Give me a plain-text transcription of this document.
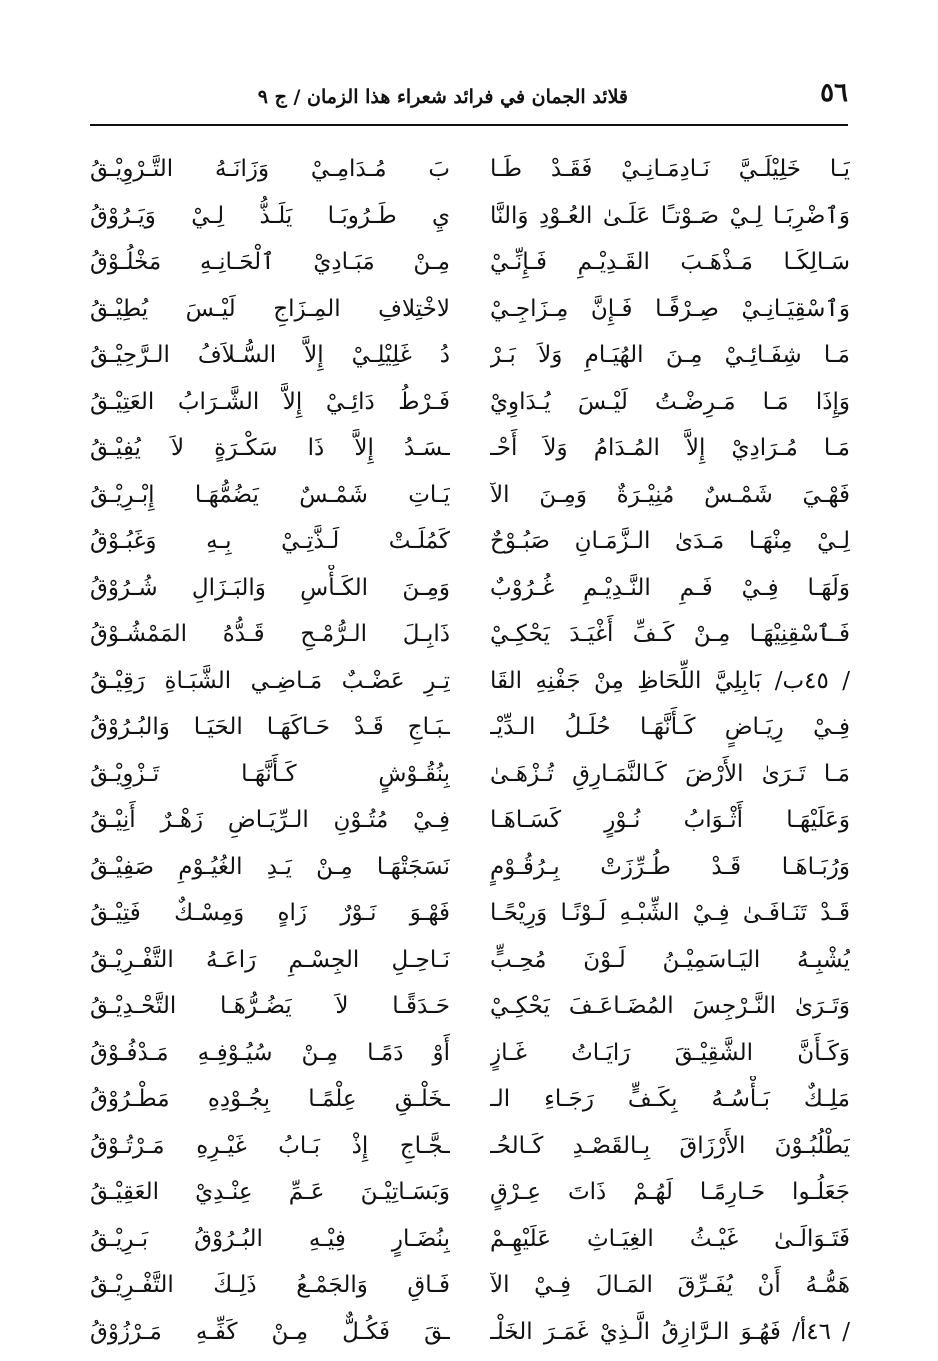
٥٦
قلائد الجمان في فرائد شعراء هذا الزمان / ج ٩
يَـا خَلِيْلَـيَّ نَـادِمَـانِـيْ فَقَـدْ طَـا
بَ مُـدَامِـيْ وَزَانَـهُ التَّـرْوِيْـقُ
وَٱضْرِبَـا لِـيْ صَـوْتـًا عَلَـىٰ العُـوْدِ وَالنَّا
يِ طَـرُوبَـا يَلَـذُّ لِـيْ وَيَـرُوْقُ
سَـالِكَـا مَـذْهَـبَ القَـدِيْـمِ فَـإِنِّـيْ
مِـنْ مَبَـادِيْ ٱلْحَـانِـهِ مَخْلُـوْقُ
وَٱسْقِيَـانِـيْ صِـرْفًـا فَـإِنَّ مِـزَاجِـيْ
لاخْتِلافِ المِـزَاجِ لَيْـسَ يُطِيْـقُ
مَـا شِفَـائِـيْ مِـنَ الهُيَـامِ وَلاَ بَـرْ
دُ غَلِيْلِـيْ إِلاَّ السُّـلاَفُ الـرَّحِيْـقُ
وَإِذَا مَـا مَـرِضْـتُ لَيْـسَ يُـدَاوِيْ
فَـرْطُ دَائِـيْ إِلاَّ الشَّـرَابُ العَتِيْـقُ
مَـا مُـرَادِيْ إِلاَّ المُـدَامُ وَلاَ أَحْـ
ـسَـدُ إِلاَّ ذَا سَكْـرَةٍ لاَ يُفِيْـقُ
فَهْـيَ شَمْـسٌ مُنِيْـرَةٌ وَمِـنَ الآ
يَـاتِ شَمْـسٌ يَضُمُّهَـا إِبْـرِيْـقُ
لِـيْ مِنْهَـا مَـدَىٰ الـزَّمَـانِ صَبُـوْحٌ
كَمُلَـتْ لَـذَّتِـيْ بِـهِ وَغَبُـوْقُ
وَلَهَـا فِـيْ فَـمِ النَّـدِيْـمِ غُـرُوْبٌ
وَمِـنَ الكَـأْسِ وَالبَـزَالِ شُـرُوْقُ
فَـٱسْقِنِيْهَـا مِـنْ كَـفِّ أَغْيَـدَ يَحْكِـيْ
ذَابِـلَ الـرُّمْـحِ قَـدُّهُ المَمْشُـوْقُ
/ ٤٥ب/ بَابِلِيَّ اللِّحَاظِ مِنْ جَفْنِهِ القَا
تِـرِ عَضْـبٌ مَـاضِـي الشَّبَـاةِ رَقِيْـقُ
فِـيْ رِيَـاضٍ كَـأَنَّهَـا حُلَـلُ الـدِّيْـ
ـبَـاجِ قَـدْ حَـاكَهَـا الحَيَـا وَالبُـرُوْقُ
مَـا تَـرَىٰ الأَرْضَ كَـالنَّمَـارِقِ تُـزْهَـىٰ
بِنُقُـوْشٍ كَـأَنَّهَـا تَـزْوِيْـقُ
وَعَلَيْهَـا أَثْـوَابُ نُـوْرٍ كَسَـاهَـا
فِـيْ مُتُـوْنِ الـرِّيَـاضِ زَهْـرٌ أَنِيْـقُ
وَرُبَـاهَـا قَـدْ طُـرِّزَتْ بِـرُقُـوْمٍ
نَسَجَتْهَـا مِـنْ يَـدِ الغُيُـوْمِ صَفِيْـقُ
قَـدْ تَنَـافَـىٰ فِـيْ الشِّبْـهِ لَـوْنًـا وَرِيْحًـا
فَهْـوَ نَـوْرٌ زَاهٍ وَمِسْـكٌ فَتِيْـقُ
يُشْبِـهُ اليَـاسَمِيْـنُ لَـوْنَ مُحِـبٍّ
نَـاحِـلِ الجِسْـمِ رَاعَـهُ التَّفْـرِيْـقُ
وَتَـرَىٰ النَّـرْجِسَ المُضَـاعَـفَ يَحْكِـيْ
حَـدَقًـا لاَ يَضُـرُّهَـا التَّحْـدِيْـقُ
وَكَـأَنَّ الشَّقِيْـقَ رَايَـاتُ غَـازٍ
أَوْ دَمًـا مِـنْ سُيُـوْفِـهِ مَـدْفُـوْقُ
مَلِـكٌ بَـأْسُـهُ بِكَـفٍّ رَجَـاءِ الـ
ـخَلْـقِ عِلْمًـا بِجُـوْدِهِ مَطْـرُوْقُ
يَطْلُبُـوْنَ الأَرْزَاقَ بِـالقَصْـدِ كَـالحُـ
ـجَّـاجِ إِذْ بَـابُ غَيْـرِهِ مَـرْتُـوْقُ
جَعَلُـوا حَـارِمًـا لَهُـمْ ذَاتَ عِـرْقٍ
وَبَسَـاتِيْـنَ عَـمِّ عِنْـدِيْ العَقِيْـقُ
فَتَـوَالَـىٰ غَيْـثُ الغِيَـاثِ عَلَيْهِـمْ
بِنُضَـارٍ فِيْـهِ البُـرُوْقُ بَـرِيْـقُ
هَمُّـهُ أَنْ يُفَـرِّقَ المَـالَ فِـيْ الآ
فَـاقِ وَالجَمْـعُ ذَلِـكَ التَّفْـرِيْـقُ
/ ٤٦أ/ فَهُـوَ الـرَّازِقُ الَّـذِيْ غَمَـرَ الخَلْـ
ـقَ فَكُـلٌّ مِـنْ كَفِّـهِ مَـرْزُوْقُ
